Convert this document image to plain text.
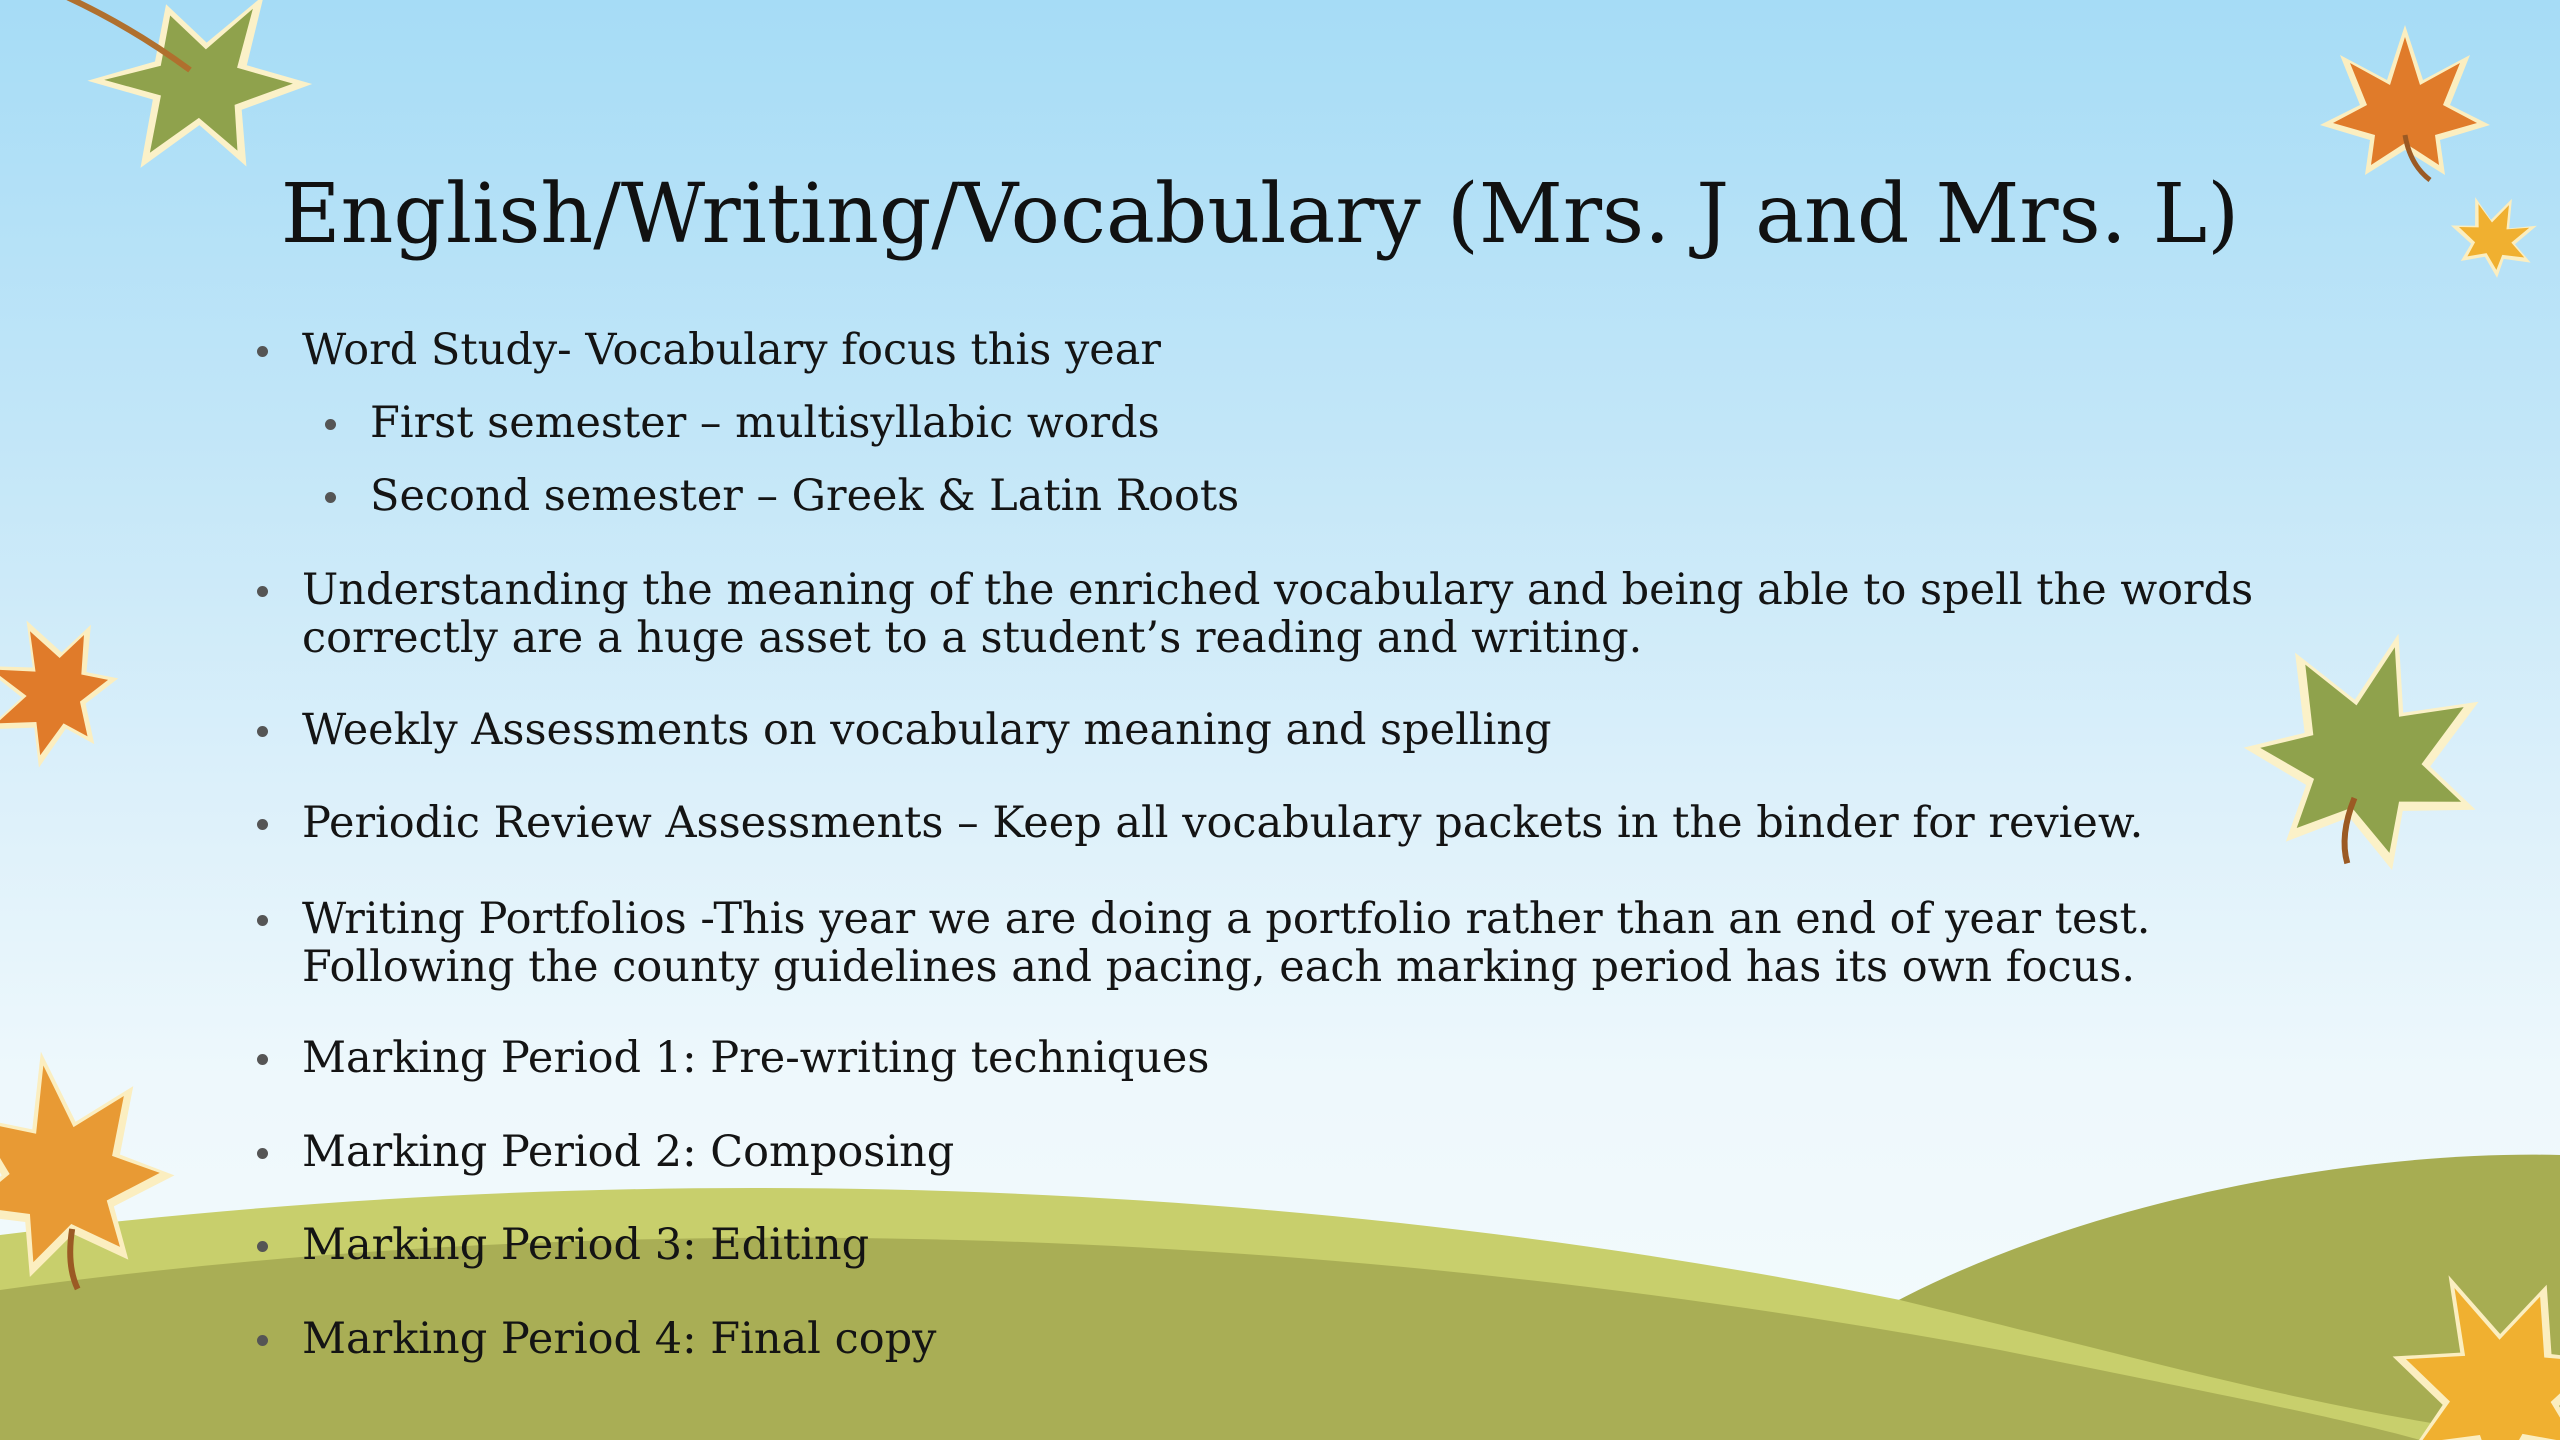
English/Writing/Vocabulary (Mrs. J and Mrs. L)
Word Study- Vocabulary focus this year
First semester – multisyllabic words
Second semester – Greek & Latin Roots
Understanding the meaning of the enriched vocabulary and being able to spell the words correctly are a huge asset to a student’s reading and writing.
Weekly Assessments on vocabulary meaning and spelling
Periodic Review Assessments – Keep all vocabulary packets in the binder for review.
Writing Portfolios -This year we are doing a portfolio rather than an end of year test. Following the county guidelines and pacing, each marking period has its own focus.
Marking Period 1: Pre-writing techniques
Marking Period 2: Composing
Marking Period 3: Editing
Marking Period 4: Final copy
